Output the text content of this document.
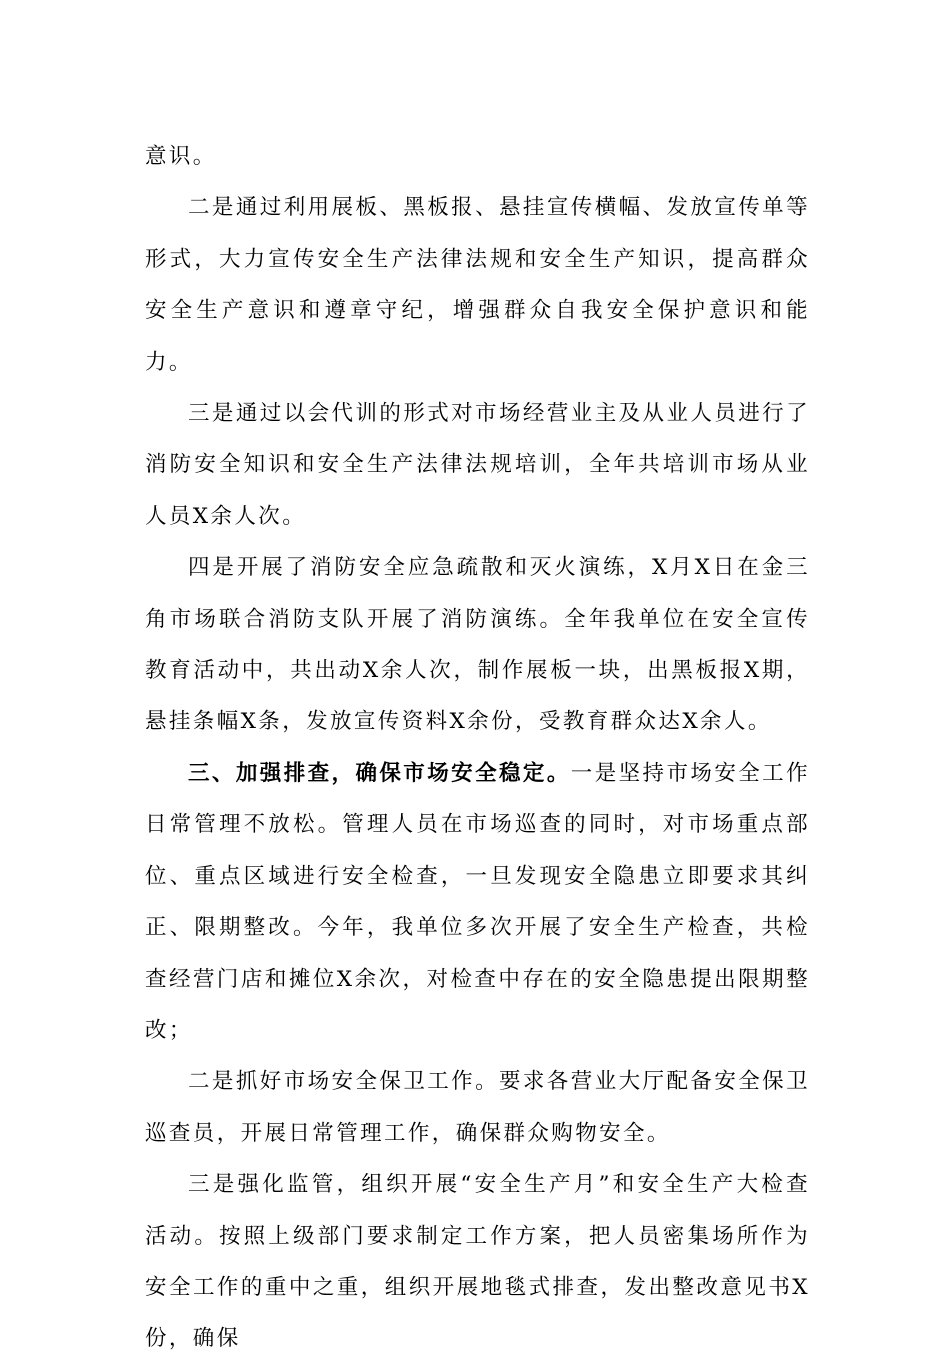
意识。

二是通过利用展板、黑板报、悬挂宣传横幅、发放宣传单等形式，大力宣传安全生产法律法规和安全生产知识，提高群众安全生产意识和遵章守纪，增强群众自我安全保护意识和能力。

三是通过以会代训的形式对市场经营业主及从业人员进行了消防安全知识和安全生产法律法规培训，全年共培训市场从业人员X余人次。

四是开展了消防安全应急疏散和灭火演练，X月X日在金三角市场联合消防支队开展了消防演练。全年我单位在安全宣传教育活动中，共出动X余人次，制作展板一块，出黑板报X期，悬挂条幅X条，发放宣传资料X余份，受教育群众达X余人。

三、加强排查，确保市场安全稳定。一是坚持市场安全工作日常管理不放松。管理人员在市场巡查的同时，对市场重点部位、重点区域进行安全检查，一旦发现安全隐患立即要求其纠正、限期整改。今年，我单位多次开展了安全生产检查，共检查经营门店和摊位X余次，对检查中存在的安全隐患提出限期整改；

二是抓好市场安全保卫工作。要求各营业大厅配备安全保卫巡查员，开展日常管理工作，确保群众购物安全。

三是强化监管，组织开展“安全生产月”和安全生产大检查活动。按照上级部门要求制定工作方案，把人员密集场所作为安全工作的重中之重，组织开展地毯式排查，发出整改意见书X份，确保
